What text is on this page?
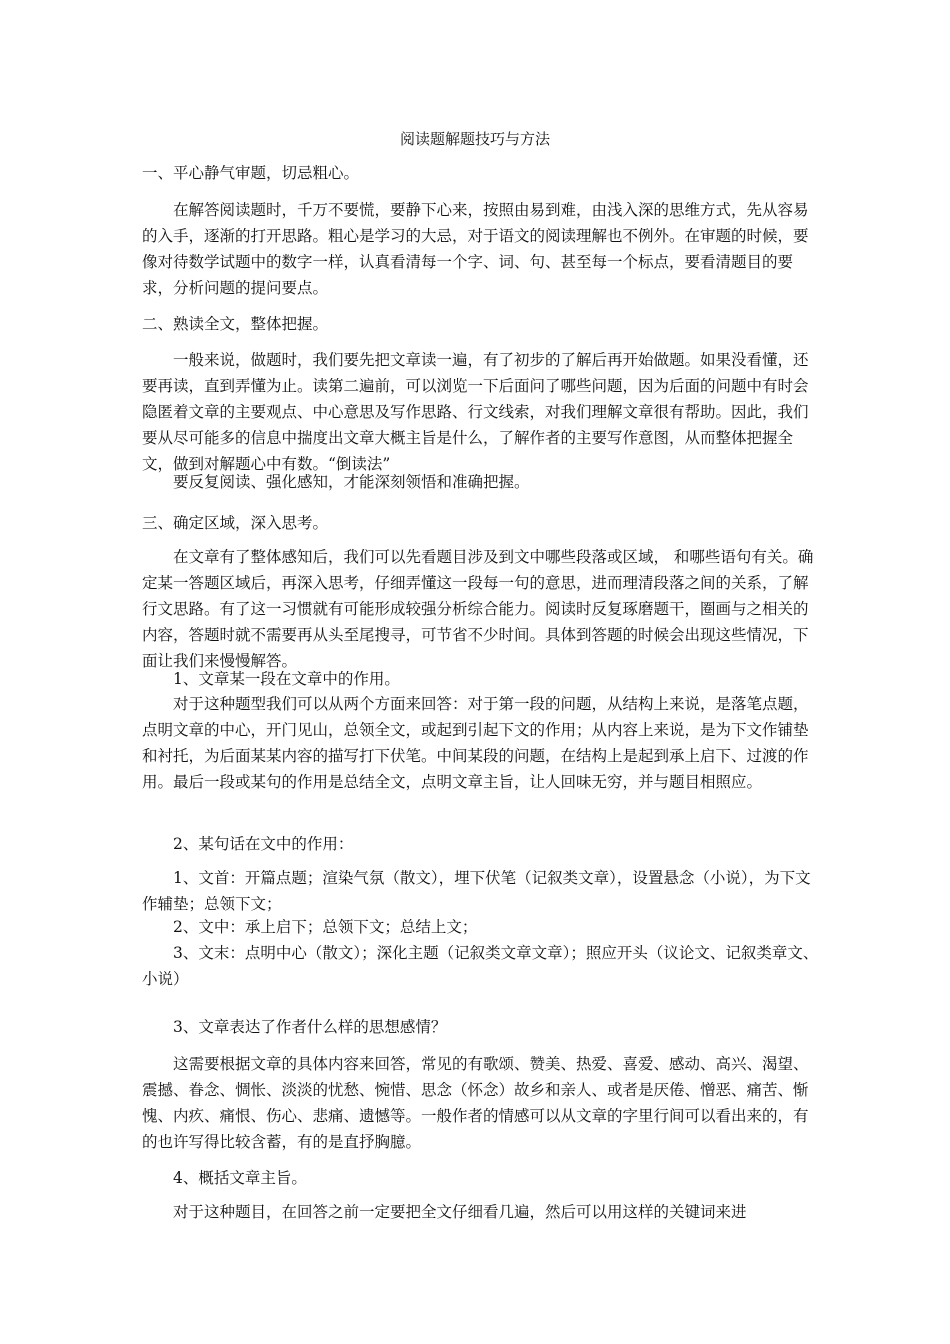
阅读题解题技巧与方法

一、平心静气审题，切忌粗心。

在解答阅读题时，千万不要慌，要静下心来，按照由易到难，由浅入深的思维方式，先从容易的入手，逐渐的打开思路。粗心是学习的大忌，对于语文的阅读理解也不例外。在审题的时候，要像对待数学试题中的数字一样，认真看清每一个字、词、句、甚至每一个标点，要看清题目的要求，分析问题的提问要点。

二、熟读全文，整体把握。

一般来说，做题时，我们要先把文章读一遍，有了初步的了解后再开始做题。如果没看懂，还要再读，直到弄懂为止。读第二遍前，可以浏览一下后面问了哪些问题，因为后面的问题中有时会隐匿着文章的主要观点、中心意思及写作思路、行文线索，对我们理解文章很有帮助。因此，我们要从尽可能多的信息中揣度出文章大概主旨是什么，了解作者的主要写作意图，从而整体把握全文，做到对解题心中有数。“倒读法”

要反复阅读、强化感知，才能深刻领悟和准确把握。

三、确定区域，深入思考。

在文章有了整体感知后，我们可以先看题目涉及到文中哪些段落或区域， 和哪些语句有关。确定某一答题区域后，再深入思考，仔细弄懂这一段每一句的意思，进而理清段落之间的关系，了解行文思路。有了这一习惯就有可能形成较强分析综合能力。阅读时反复琢磨题干，圈画与之相关的内容，答题时就不需要再从头至尾搜寻，可节省不少时间。具体到答题的时候会出现这些情况，下面让我们来慢慢解答。

1、文章某一段在文章中的作用。

对于这种题型我们可以从两个方面来回答：对于第一段的问题，从结构上来说，是落笔点题，点明文章的中心，开门见山，总领全文，或起到引起下文的作用；从内容上来说，是为下文作铺垫和衬托，为后面某某内容的描写打下伏笔。中间某段的问题，在结构上是起到承上启下、过渡的作用。最后一段或某句的作用是总结全文，点明文章主旨，让人回味无穷，并与题目相照应。

2、某句话在文中的作用：

1、文首：开篇点题；渲染气氛（散文），埋下伏笔（记叙类文章），设置悬念（小说），为下文作辅垫；总领下文；

2、文中：承上启下；总领下文；总结上文；

3、文末：点明中心（散文）；深化主题（记叙类文章文章）；照应开头（议论文、记叙类章文、小说）

3、文章表达了作者什么样的思想感情？

这需要根据文章的具体内容来回答，常见的有歌颂、赞美、热爱、喜爱、感动、高兴、渴望、震撼、眷念、惆怅、淡淡的忧愁、惋惜、思念（怀念）故乡和亲人、或者是厌倦、憎恶、痛苦、惭愧、内疚、痛恨、伤心、悲痛、遗憾等。一般作者的情感可以从文章的字里行间可以看出来的，有的也许写得比较含蓄，有的是直抒胸臆。

4、概括文章主旨。

对于这种题目，在回答之前一定要把全文仔细看几遍，然后可以用这样的关键词来进
